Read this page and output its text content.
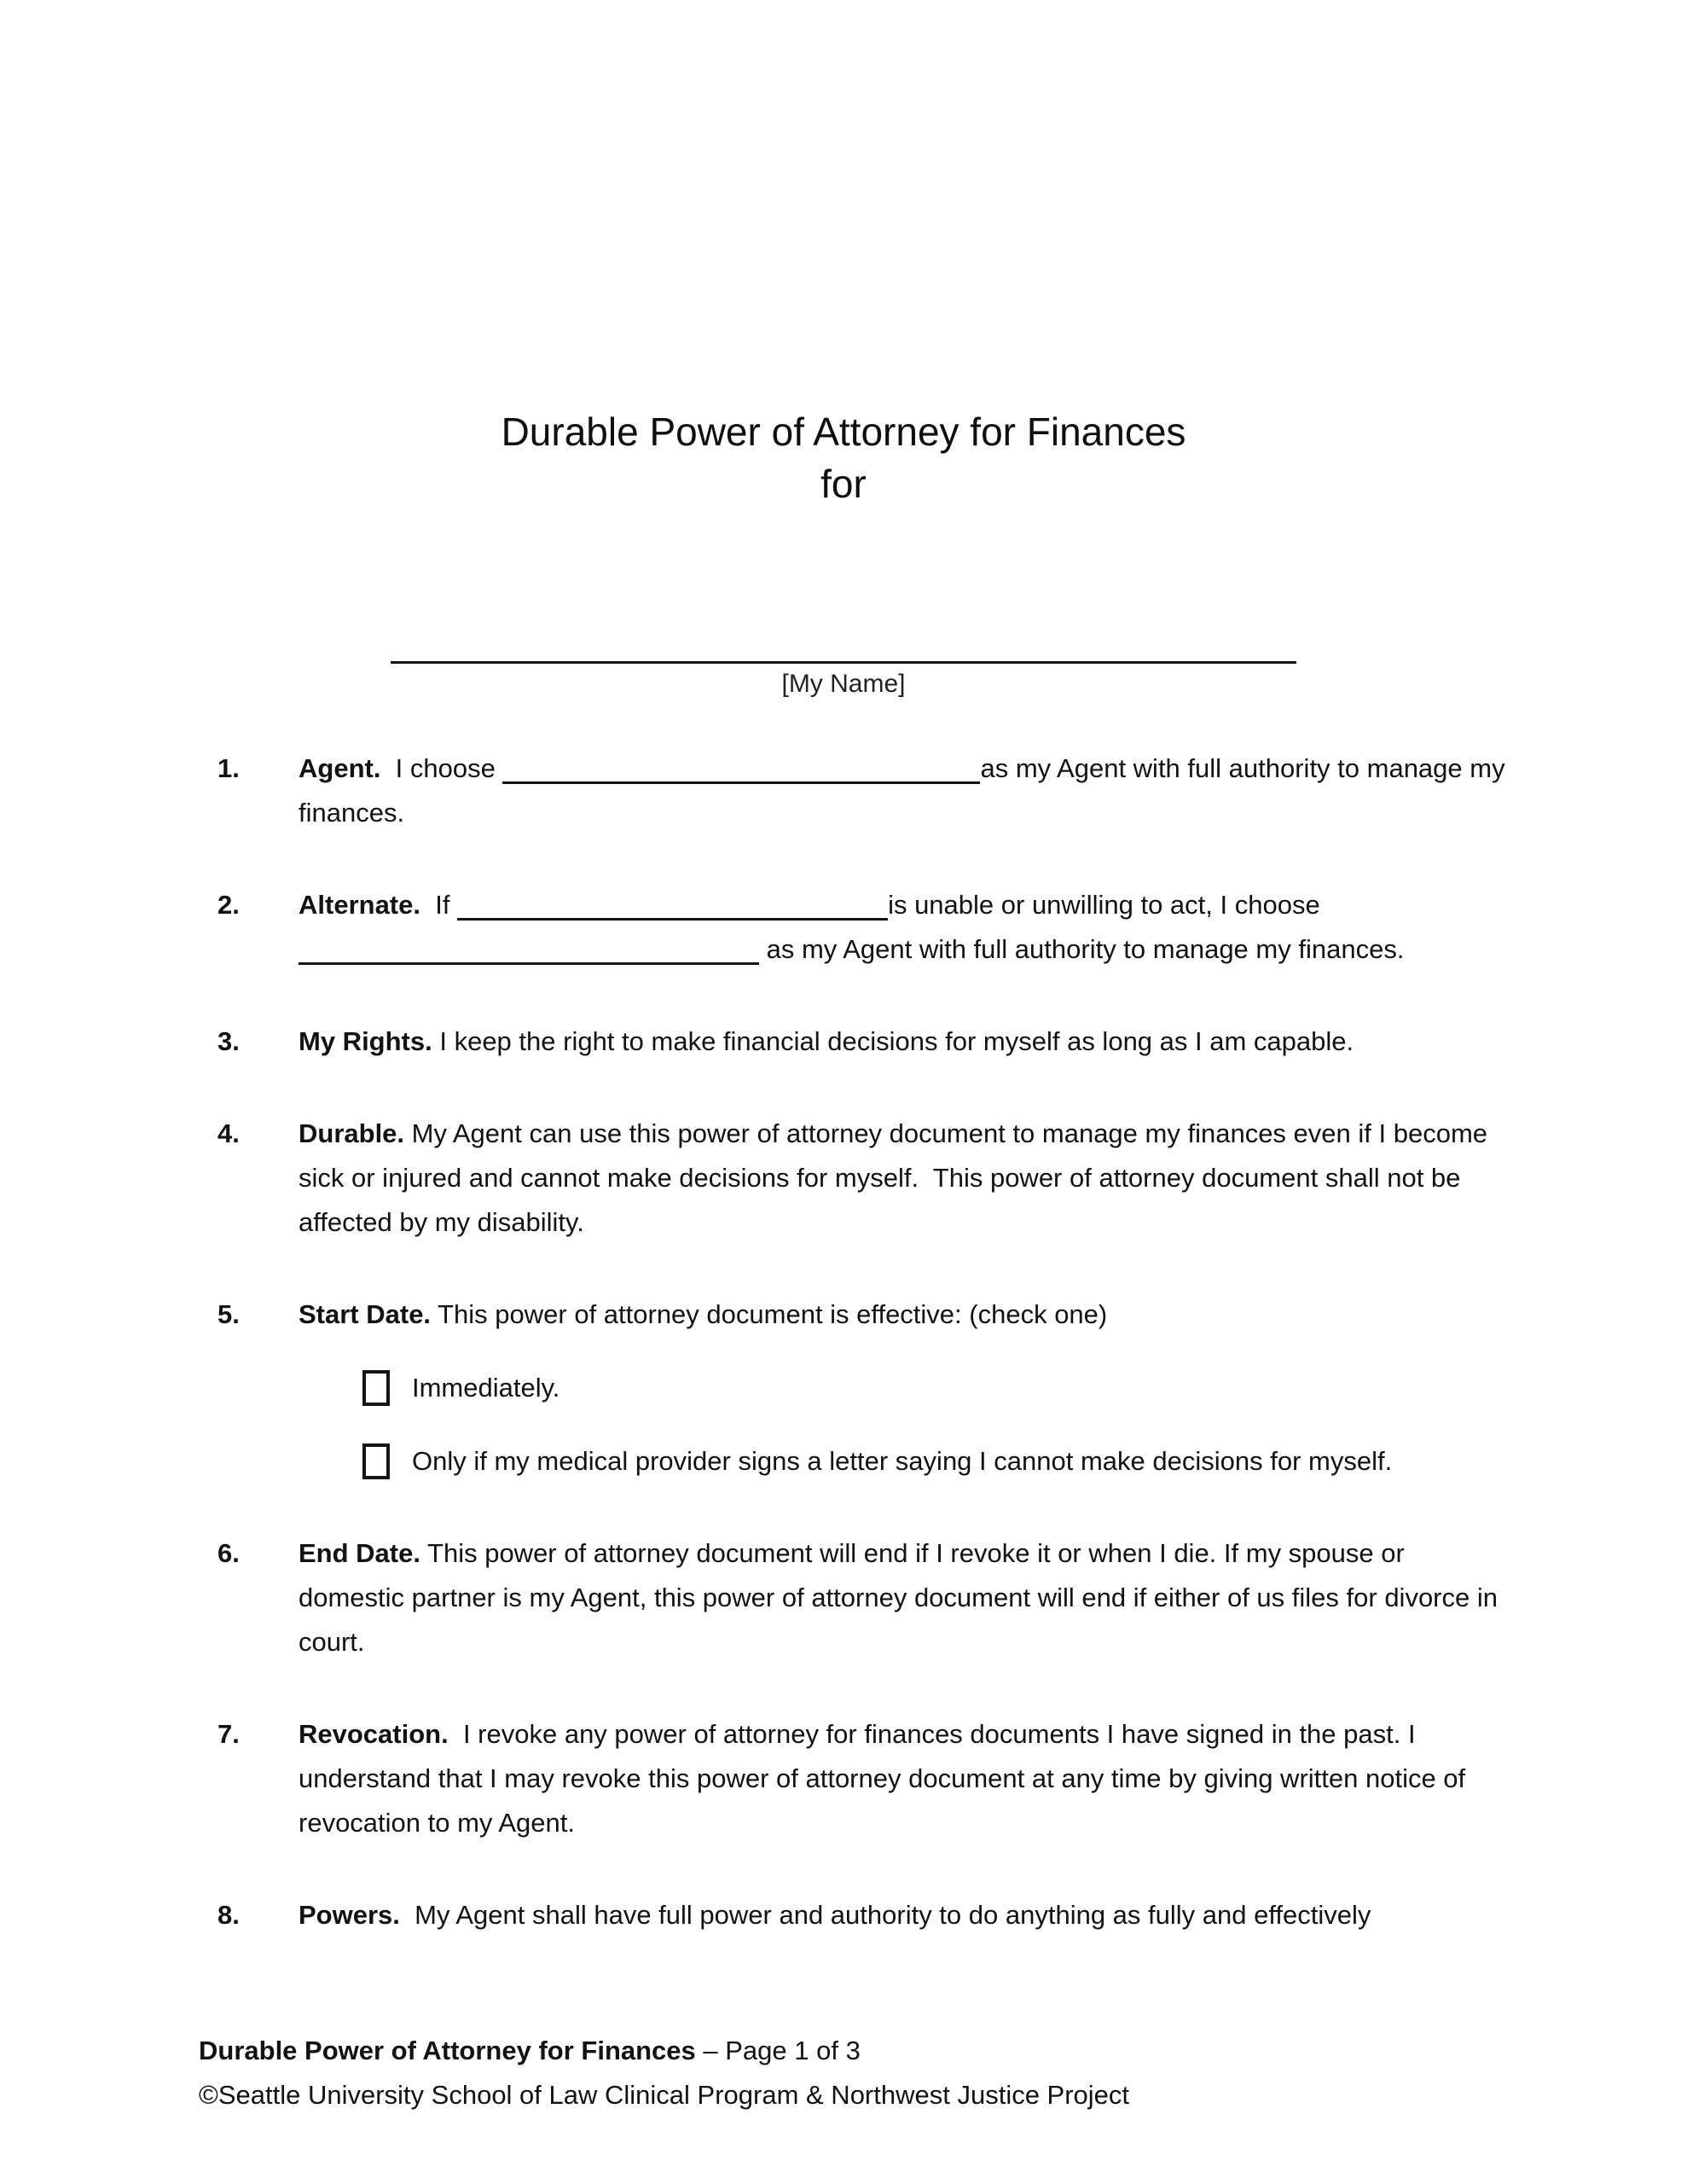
Durable Power of Attorney for Finances
for
[My Name]
1.	Agent.  I choose	as my Agent with full authority to manage my finances.
2.	Alternate.  If	is unable or unwilling to act, I choose
as my Agent with full authority to manage my finances.
3.	My Rights. I keep the right to make financial decisions for myself as long as I am capable.
4.	Durable. My Agent can use this power of attorney document to manage my finances even if I become sick or injured and cannot make decisions for myself.  This power of attorney document shall not be affected by my disability.
5.	Start Date. This power of attorney document is effective: (check one)
Immediately.
Only if my medical provider signs a letter saying I cannot make decisions for myself.
6.	End Date. This power of attorney document will end if I revoke it or when I die. If my spouse or domestic partner is my Agent, this power of attorney document will end if either of us files for divorce in court.
7.	Revocation.  I revoke any power of attorney for finances documents I have signed in the past. I understand that I may revoke this power of attorney document at any time by giving written notice of revocation to my Agent.
8.	Powers.  My Agent shall have full power and authority to do anything as fully and effectively
Durable Power of Attorney for Finances – Page 1 of 3
©Seattle University School of Law Clinical Program & Northwest Justice Project
